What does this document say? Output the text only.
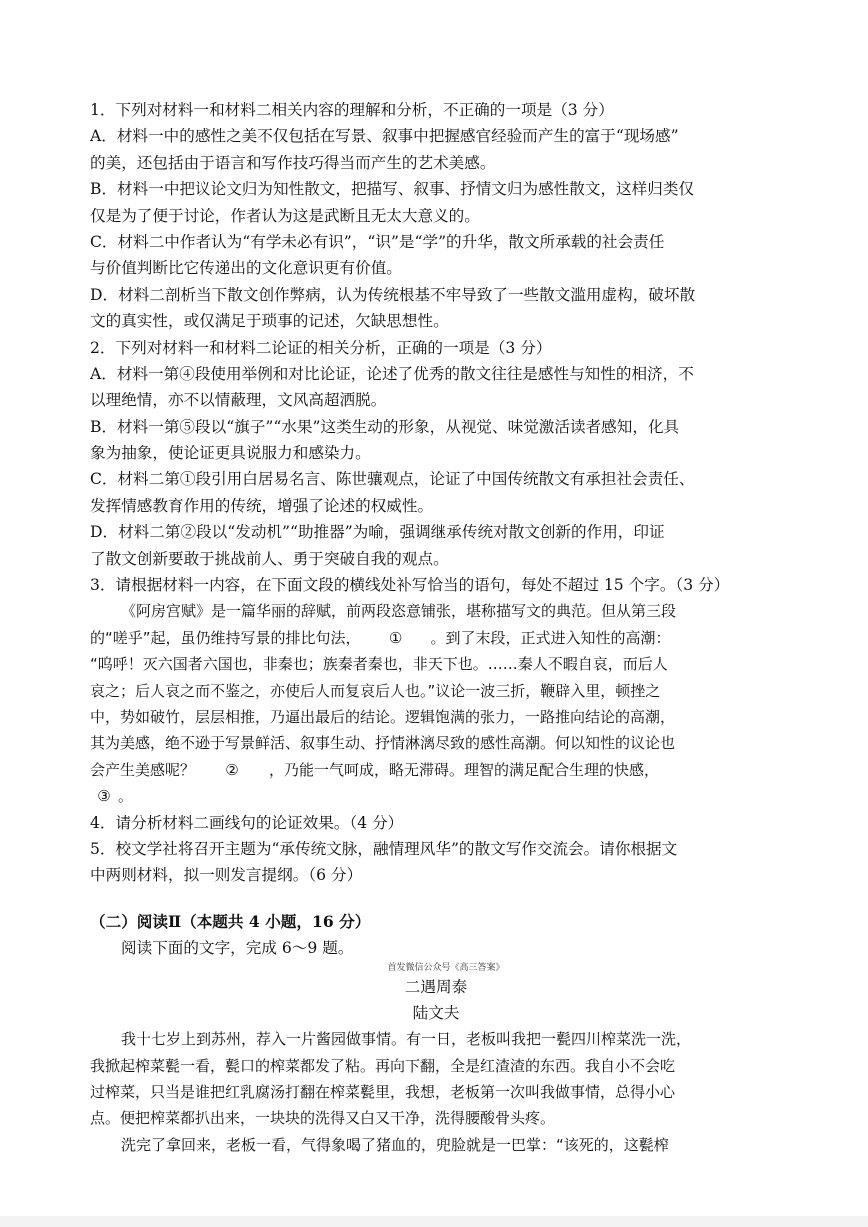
1．下列对材料一和材料二相关内容的理解和分析，不正确的一项是（3 分）
A．材料一中的感性之美不仅包括在写景、叙事中把握感官经验而产生的富于“现场感”
的美，还包括由于语言和写作技巧得当而产生的艺术美感。
B．材料一中把议论文归为知性散文，把描写、叙事、抒情文归为感性散文，这样归类仅
仅是为了便于讨论，作者认为这是武断且无太大意义的。
C．材料二中作者认为“有学未必有识”，“识”是“学”的升华，散文所承载的社会责任
与价值判断比它传递出的文化意识更有价值。
D．材料二剖析当下散文创作弊病，认为传统根基不牢导致了一些散文滥用虚构，破坏散
文的真实性，或仅满足于琐事的记述，欠缺思想性。
2．下列对材料一和材料二论证的相关分析，正确的一项是（3 分）
A．材料一第④段使用举例和对比论证，论述了优秀的散文往往是感性与知性的相济，不
以理绝情，亦不以情蔽理，文风高超洒脱。
B．材料一第⑤段以“旗子”“水果”这类生动的形象，从视觉、味觉激活读者感知，化具
象为抽象，使论证更具说服力和感染力。
C．材料二第①段引用白居易名言、陈世骧观点，论证了中国传统散文有承担社会责任、
发挥情感教育作用的传统，增强了论述的权威性。
D．材料二第②段以“发动机”“助推器”为喻，强调继承传统对散文创新的作用，印证
了散文创新要敢于挑战前人、勇于突破自我的观点。
3．请根据材料一内容，在下面文段的横线处补写恰当的语句，每处不超过 15 个字。（3 分）
《阿房宫赋》是一篇华丽的辞赋，前两段恣意铺张，堪称描写文的典范。但从第三段
的“嗟乎”起，虽仍维持写景的排比句法， ① 。到了末段，正式进入知性的高潮：
“呜呼！灭六国者六国也，非秦也；族秦者秦也，非天下也。……秦人不暇自哀，而后人
哀之；后人哀之而不鉴之，亦使后人而复哀后人也。”议论一波三折，鞭辟入里，顿挫之
中，势如破竹，层层相推，乃逼出最后的结论。逻辑饱满的张力，一路推向结论的高潮，
其为美感，绝不逊于写景鲜活、叙事生动、抒情淋漓尽致的感性高潮。何以知性的议论也
会产生美感呢？ ② ，乃能一气呵成，略无滞碍。理智的满足配合生理的快感，
③ 。
4．请分析材料二画线句的论证效果。（4 分）
5．校文学社将召开主题为“承传统文脉，融情理风华”的散文写作交流会。请你根据文
中两则材料，拟一则发言提纲。（6 分）
（二）阅读Ⅱ（本题共 4 小题，16 分）
阅读下面的文字，完成 6～9 题。
首发微信公众号《高三答案》
二遇周泰
陆文夫
我十七岁上到苏州，荐入一片酱园做事情。有一日，老板叫我把一甏四川榨菜洗一洗，
我掀起榨菜甏一看，甏口的榨菜都发了粘。再向下翻，全是红渣渣的东西。我自小不会吃
过榨菜，只当是谁把红乳腐汤打翻在榨菜甏里，我想，老板第一次叫我做事情，总得小心
点。便把榨菜都扒出来，一块块的洗得又白又干净，洗得腰酸骨头疼。
洗完了拿回来，老板一看，气得象喝了猪血的，兜脸就是一巴掌：“该死的，这甏榨
